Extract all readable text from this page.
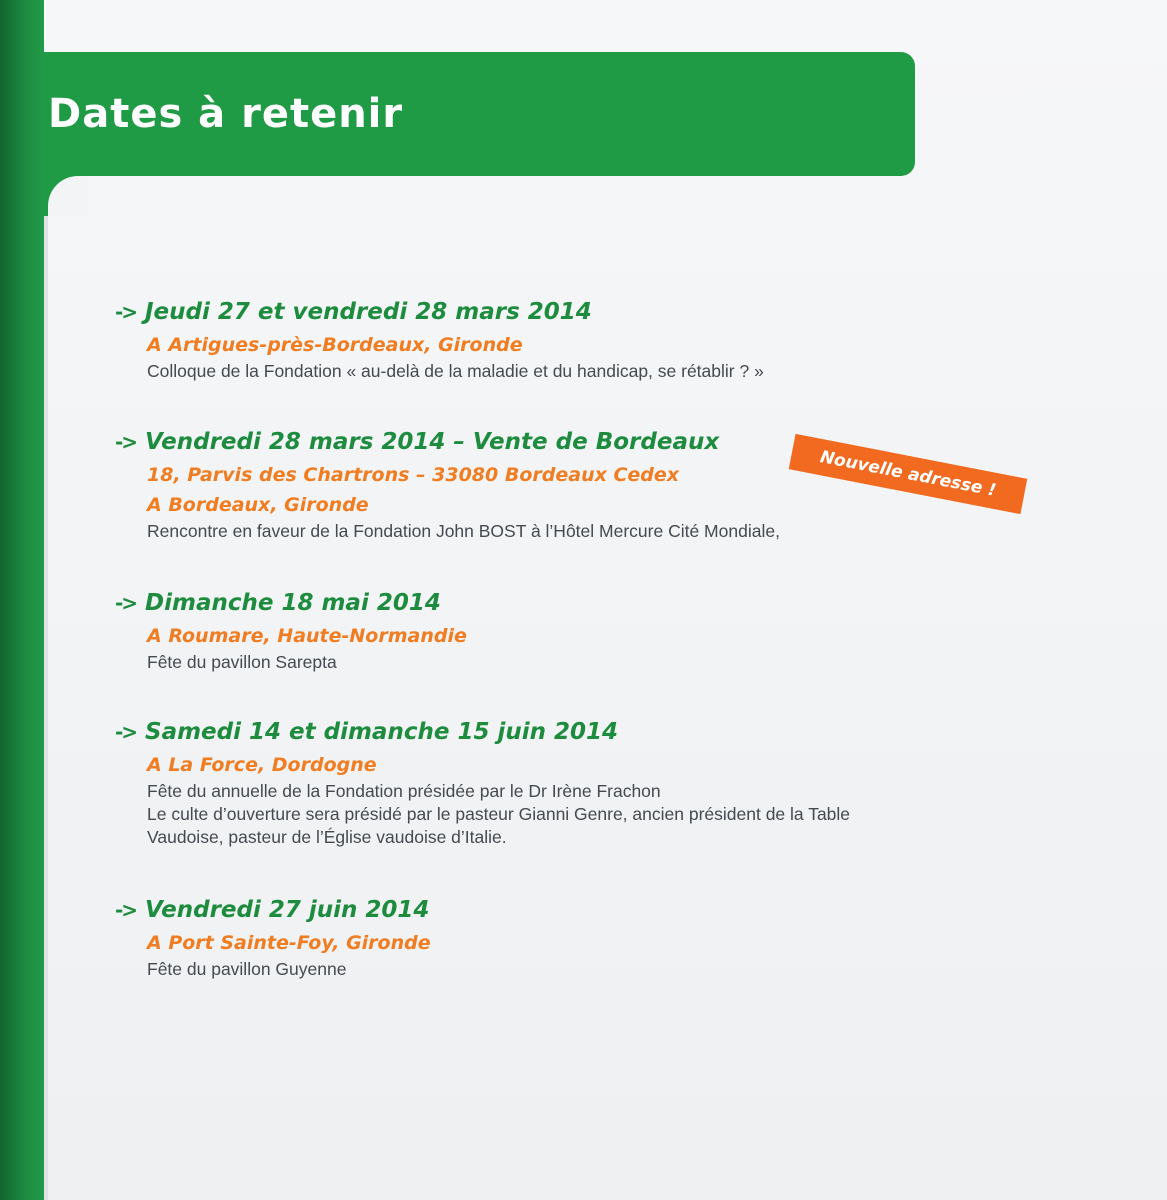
Dates à retenir
-> Jeudi 27 et vendredi 28 mars 2014
A Artigues-près-Bordeaux, Gironde
Colloque de la Fondation « au-delà de la maladie et du handicap, se rétablir ? »
-> Vendredi 28 mars 2014 – Vente de Bordeaux
18, Parvis des Chartrons – 33080 Bordeaux Cedex
A Bordeaux, Gironde
Rencontre en faveur de la Fondation John BOST à l’Hôtel Mercure Cité Mondiale,
-> Dimanche 18 mai 2014
A Roumare, Haute-Normandie
Fête du pavillon Sarepta
-> Samedi 14 et dimanche 15 juin 2014
A La Force, Dordogne
Fête du annuelle de la Fondation présidée par le Dr Irène Frachon
Le culte d’ouverture sera présidé par le pasteur Gianni Genre, ancien président de la Table
Vaudoise, pasteur de l’Église vaudoise d’Italie.
-> Vendredi 27 juin 2014
A Port Sainte-Foy, Gironde
Fête du pavillon Guyenne
Nouvelle adresse !
